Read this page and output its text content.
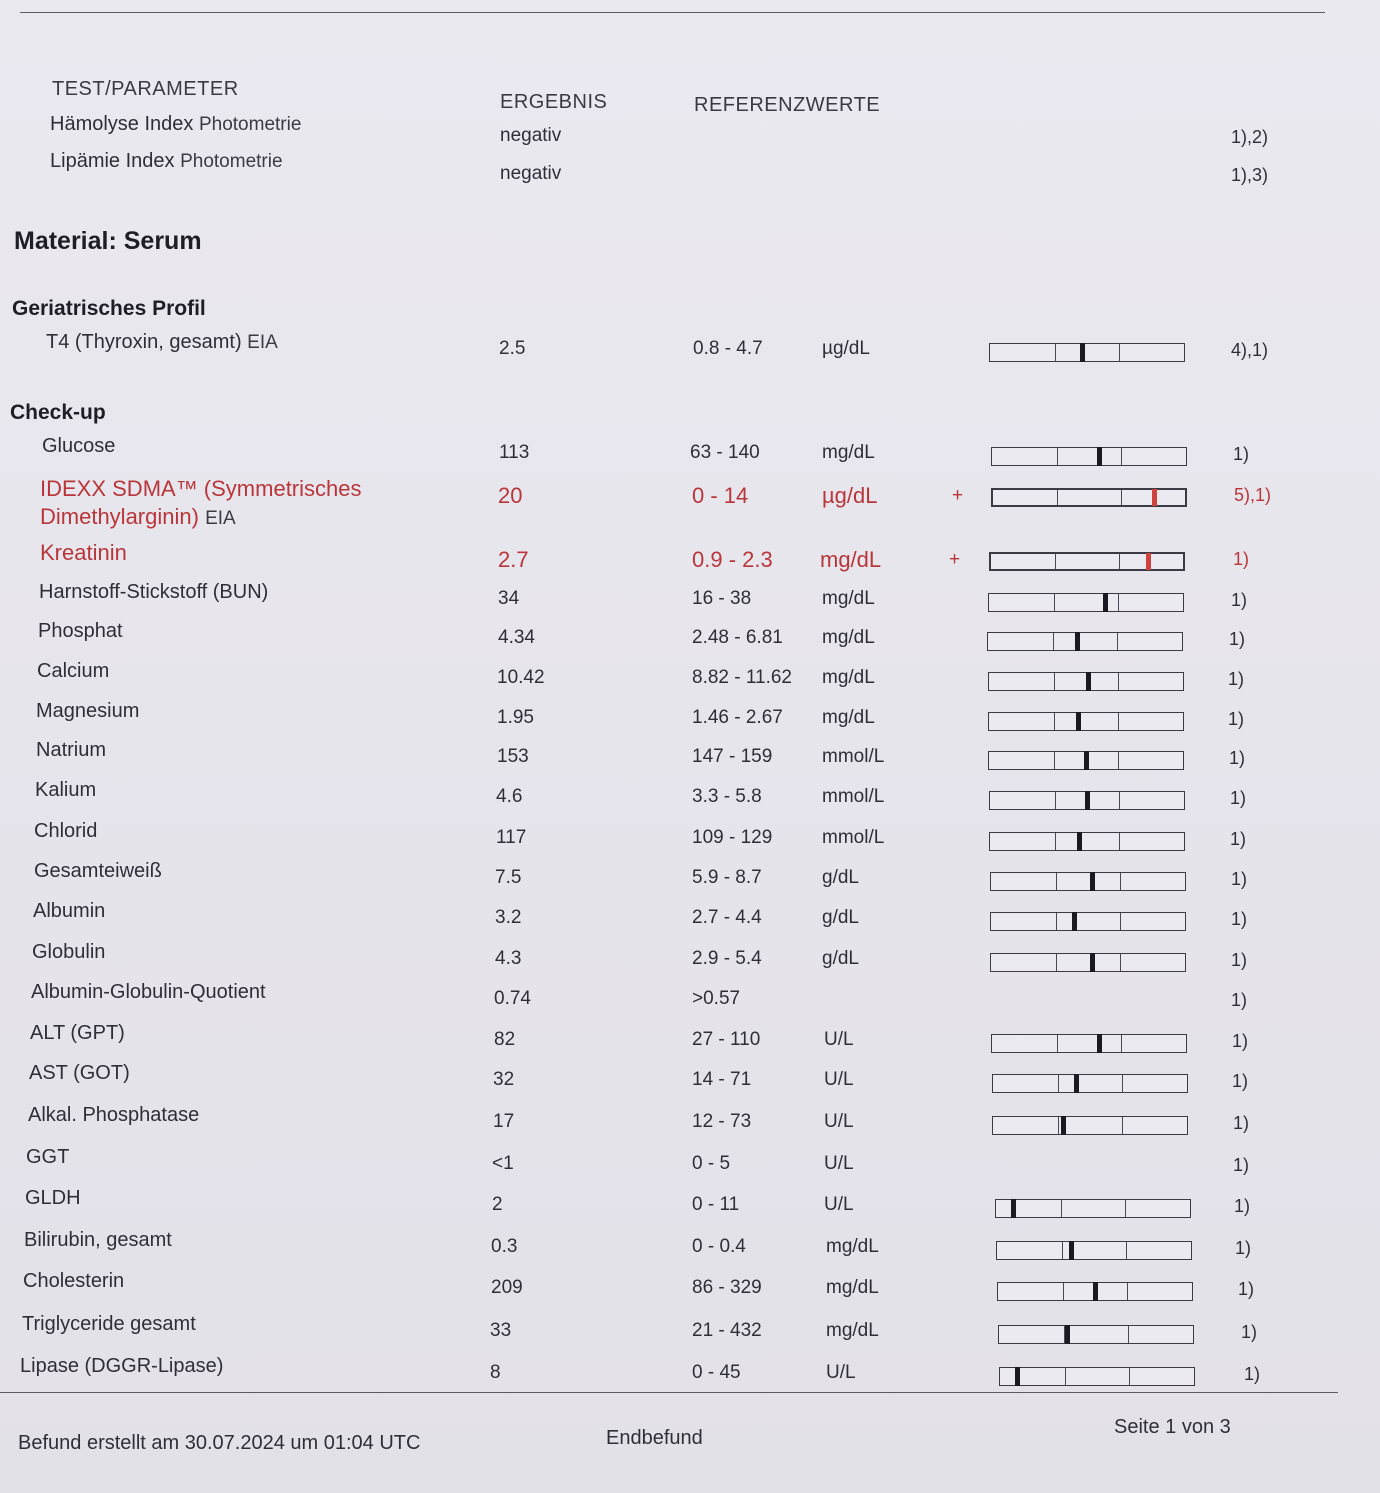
TEST/PARAMETER
ERGEBNIS	REFERENZWERTE
Hämolyse Index Photometrie
negativ	1),2)
Lipämie Index Photometrie
negativ	1),3)
Material: Serum
Geriatrisches Profil
Check-up
T4 (Thyroxin, gesamt) EIA	2.5	0.8 - 4.7	µg/dL	4),1)
Glucose	113	63 - 140	mg/dL	1)
IDEXX SDMA™ (Symmetrisches
Dimethylarginin) EIA
20	0 - 14	µg/dL	+	5),1)
Kreatinin	2.7	0.9 - 2.3 mg/dL	+	1)
Harnstoff-Stickstoff (BUN)	34	16 - 38	mg/dL	1)
Phosphat	4.34	2.48 - 6.81 mg/dL	1)
Calcium	10.42	8.82 - 11.62 mg/dL	1)
Magnesium	1.95	1.46 - 2.67 mg/dL	1)
Natrium	153	147 - 159	mmol/L	1)
Kalium	4.6	3.3 - 5.8	mmol/L	1)
Chlorid	117	109 - 129	mmol/L	1)
Gesamteiweiß	7.5	5.9 - 8.7	g/dL	1)
Albumin	3.2	2.7 - 4.4	g/dL	1)
Globulin	4.3	2.9 - 5.4	g/dL	1)
Albumin-Globulin-Quotient	0.74	>0.57	1)
ALT (GPT)	82	27 - 110	U/L	1)
AST (GOT)	32	14 - 71	U/L	1)
Alkal. Phosphatase	17	12 - 73	U/L	1)
GGT	<1	0 - 5	U/L	1)
GLDH	2	0 - 11	U/L	1)
Bilirubin, gesamt	0.3	0 - 0.4	mg/dL	1)
Cholesterin	209	86 - 329	mg/dL	1)
Triglyceride gesamt	33	21 - 432	mg/dL	1)
Lipase (DGGR-Lipase)	8	0 - 45	U/L	1)
Befund erstellt am 30.07.2024 um 01:04 UTC	Endbefund	Seite 1 von 3
